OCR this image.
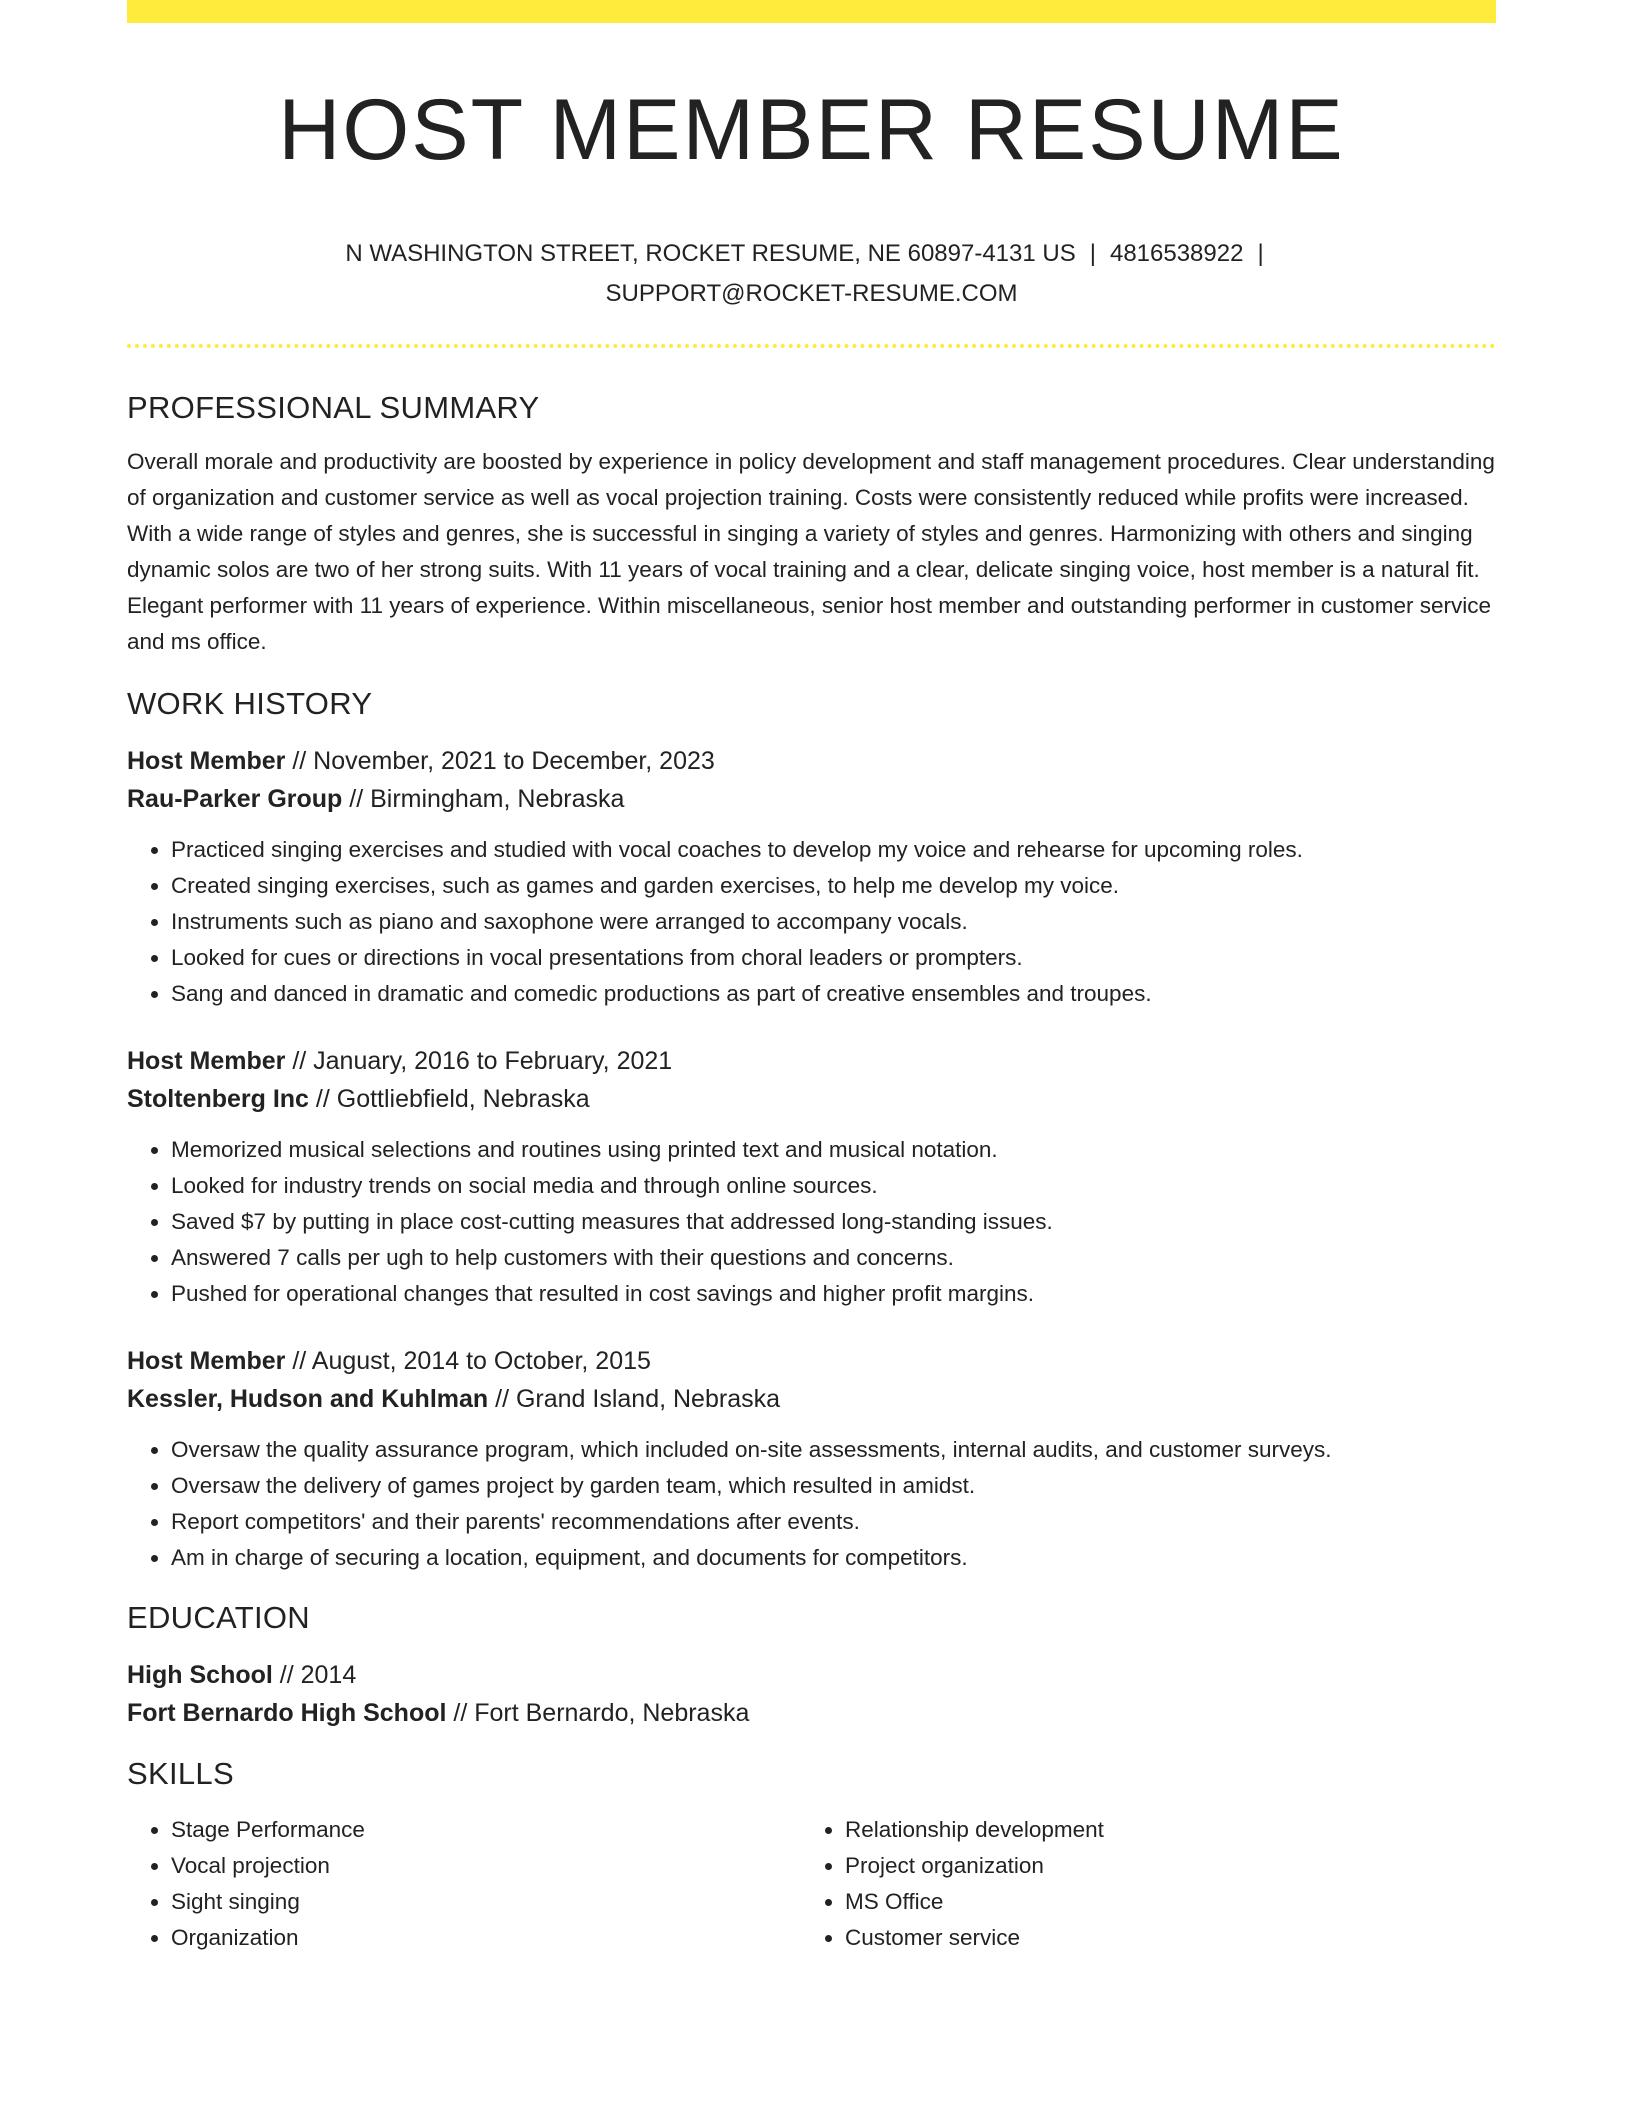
HOST MEMBER RESUME
N WASHINGTON STREET, ROCKET RESUME, NE 60897-4131 US | 4816538922 |
SUPPORT@ROCKET-RESUME.COM
PROFESSIONAL SUMMARY

Overall morale and productivity are boosted by experience in policy development and staff management procedures. Clear understanding of organization and customer service as well as vocal projection training. Costs were consistently reduced while profits were increased. With a wide range of styles and genres, she is successful in singing a variety of styles and genres. Harmonizing with others and singing dynamic solos are two of her strong suits. With 11 years of vocal training and a clear, delicate singing voice, host member is a natural fit. Elegant performer with 11 years of experience. Within miscellaneous, senior host member and outstanding performer in customer service and ms office.

WORK HISTORY
Host Member // November, 2021 to December, 2023
Rau-Parker Group // Birmingham, Nebraska
• Practiced singing exercises and studied with vocal coaches to develop my voice and rehearse for upcoming roles.
• Created singing exercises, such as games and garden exercises, to help me develop my voice.
• Instruments such as piano and saxophone were arranged to accompany vocals.
• Looked for cues or directions in vocal presentations from choral leaders or prompters.
• Sang and danced in dramatic and comedic productions as part of creative ensembles and troupes.
Host Member // January, 2016 to February, 2021
Stoltenberg Inc // Gottliebfield, Nebraska
• Memorized musical selections and routines using printed text and musical notation.
• Looked for industry trends on social media and through online sources.
• Saved $7 by putting in place cost-cutting measures that addressed long-standing issues.
• Answered 7 calls per ugh to help customers with their questions and concerns.
• Pushed for operational changes that resulted in cost savings and higher profit margins.
Host Member // August, 2014 to October, 2015
Kessler, Hudson and Kuhlman // Grand Island, Nebraska
• Oversaw the quality assurance program, which included on-site assessments, internal audits, and customer surveys.
• Oversaw the delivery of games project by garden team, which resulted in amidst.
• Report competitors' and their parents' recommendations after events.
• Am in charge of securing a location, equipment, and documents for competitors.
EDUCATION
High School // 2014
Fort Bernardo High School // Fort Bernardo, Nebraska
SKILLS
• Stage Performance
• Vocal projection
• Sight singing
• Organization
• Relationship development
• Project organization
• MS Office
• Customer service
